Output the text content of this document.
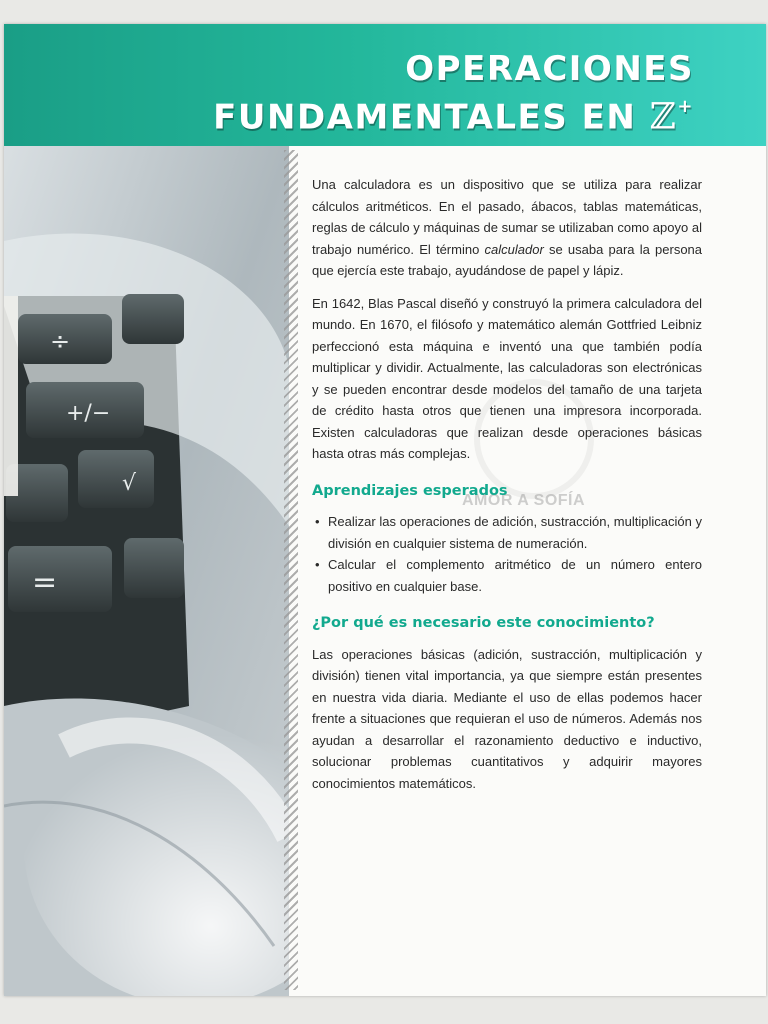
OPERACIONES
FUNDAMENTALES EN ℤ+
÷
+/−
√
=
AMOR A SOFÍA

Una calculadora es un dispositivo que se utiliza para realizar cálculos aritméticos. En el pasado, ábacos, tablas matemáticas, reglas de cálculo y máquinas de sumar se utilizaban como apoyo al trabajo numérico. El término calculador se usaba para la persona que ejercía este trabajo, ayudándose de papel y lápiz.

En 1642, Blas Pascal diseñó y construyó la primera calculadora del mundo. En 1670, el filósofo y matemático alemán Gottfried Leibniz perfeccionó esta máquina e inventó una que también podía multiplicar y dividir. Actualmente, las calculadoras son electrónicas y se pueden encontrar desde modelos del tamaño de una tarjeta de crédito hasta otros que tienen una impresora incorporada. Existen calculadoras que realizan desde operaciones básicas hasta otras más complejas.

Aprendizajes esperados
• Realizar las operaciones de adición, sustracción, multiplicación y división en cualquier sistema de numeración.
• Calcular el complemento aritmético de un número entero positivo en cualquier base.
¿Por qué es necesario este conocimiento?

Las operaciones básicas (adición, sustracción, multiplicación y división) tienen vital importancia, ya que siempre están presentes en nuestra vida diaria. Mediante el uso de ellas podemos hacer frente a situaciones que requieran el uso de números. Además nos ayudan a desarrollar el razonamiento deductivo e inductivo, solucionar problemas cuantitativos y adquirir mayores conocimientos matemáticos.
